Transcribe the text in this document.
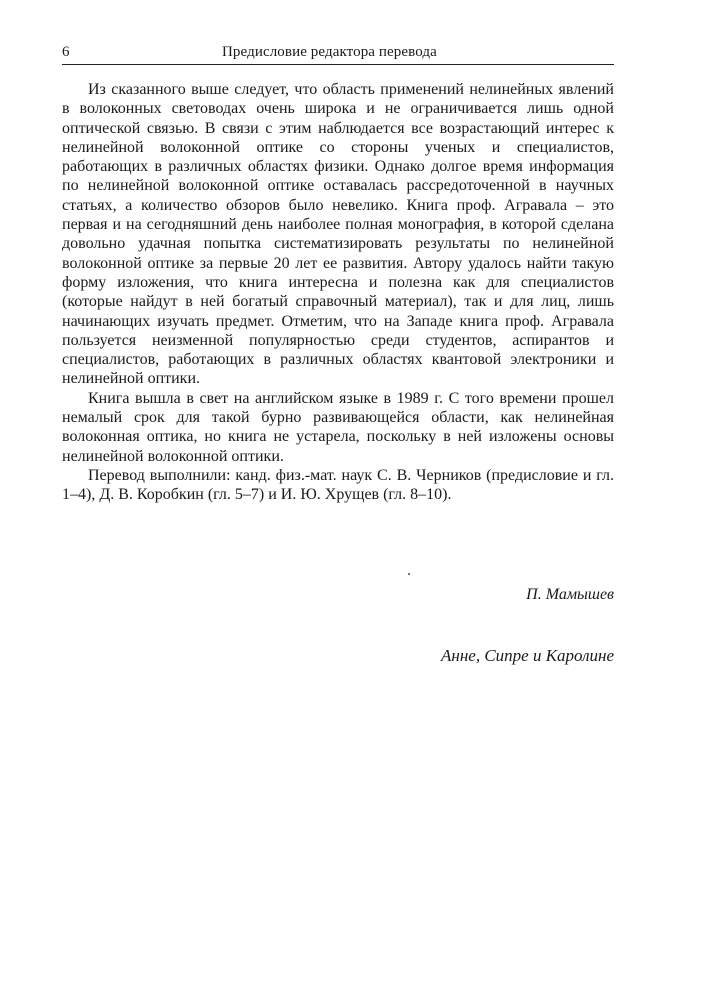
6	Предисловие редактора перевода

Из сказанного выше следует, что область применений нелинейных явлений в волоконных световодах очень широка и не ограничивается лишь одной оптической связью. В связи с этим наблюдается все возрастающий интерес к нелинейной волоконной оптике со стороны ученых и специалистов, работающих в различных областях физики. Однако долгое время информация по нелинейной волоконной оптике оставалась рассредоточенной в научных статьях, а количество обзоров было невелико. Книга проф. Агравала – это первая и на сегодняшний день наиболее полная монография, в которой сделана довольно удачная попытка систематизировать результаты по нелинейной волоконной оптике за первые 20 лет ее развития. Автору удалось найти такую форму изложения, что книга интересна и полезна как для специалистов (которые найдут в ней богатый справочный материал), так и для лиц, лишь начинающих изучать предмет. Отметим, что на Западе книга проф. Агравала пользуется неизменной популярностью среди студентов, аспирантов и специалистов, работающих в различных областях квантовой электроники и нелинейной оптики.

Книга вышла в свет на английском языке в 1989 г. С того времени прошел немалый срок для такой бурно развивающейся области, как нелинейная волоконная оптика, но книга не устарела, поскольку в ней изложены основы нелинейной волоконной оптики.

Перевод выполнили: канд. физ.-мат. наук С. В. Черников (предисловие и гл. 1–4), Д. В. Коробкин (гл. 5–7) и И. Ю. Хрущев (гл. 8–10).

П. Мамышев
Анне, Сипре и Каролине
